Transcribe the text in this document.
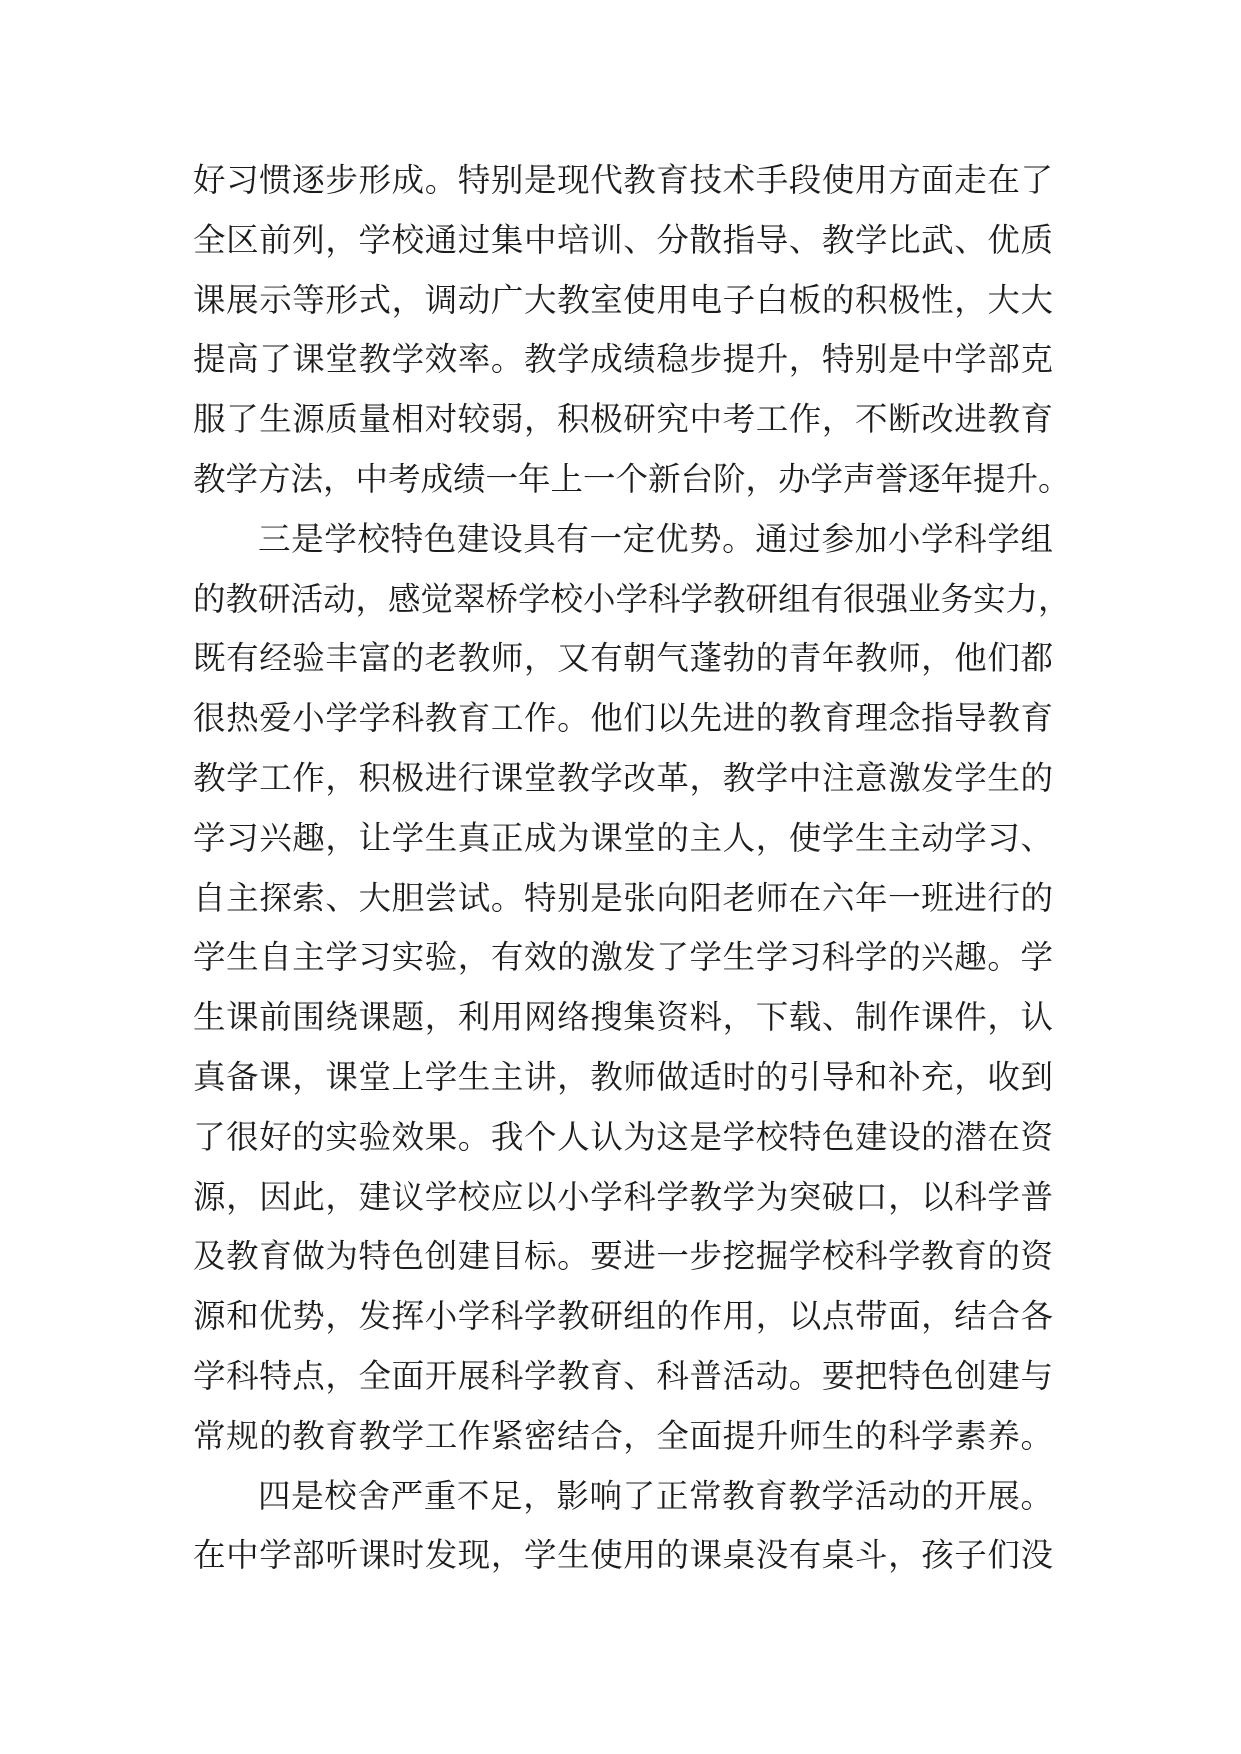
好习惯逐步形成。特别是现代教育技术手段使用方面走在了
全区前列，学校通过集中培训、分散指导、教学比武、优质
课展示等形式，调动广大教室使用电子白板的积极性，大大
提高了课堂教学效率。教学成绩稳步提升，特别是中学部克
服了生源质量相对较弱，积极研究中考工作，不断改进教育
教学方法，中考成绩一年上一个新台阶，办学声誉逐年提升。
三是学校特色建设具有一定优势。通过参加小学科学组
的教研活动，感觉翠桥学校小学科学教研组有很强业务实力，
既有经验丰富的老教师，又有朝气蓬勃的青年教师，他们都
很热爱小学学科教育工作。他们以先进的教育理念指导教育
教学工作，积极进行课堂教学改革，教学中注意激发学生的
学习兴趣，让学生真正成为课堂的主人，使学生主动学习、
自主探索、大胆尝试。特别是张向阳老师在六年一班进行的
学生自主学习实验，有效的激发了学生学习科学的兴趣。学
生课前围绕课题，利用网络搜集资料，下载、制作课件，认
真备课，课堂上学生主讲，教师做适时的引导和补充，收到
了很好的实验效果。我个人认为这是学校特色建设的潜在资
源，因此，建议学校应以小学科学教学为突破口，以科学普
及教育做为特色创建目标。要进一步挖掘学校科学教育的资
源和优势，发挥小学科学教研组的作用，以点带面，结合各
学科特点，全面开展科学教育、科普活动。要把特色创建与
常规的教育教学工作紧密结合，全面提升师生的科学素养。
四是校舍严重不足，影响了正常教育教学活动的开展。
在中学部听课时发现，学生使用的课桌没有桌斗，孩子们没
